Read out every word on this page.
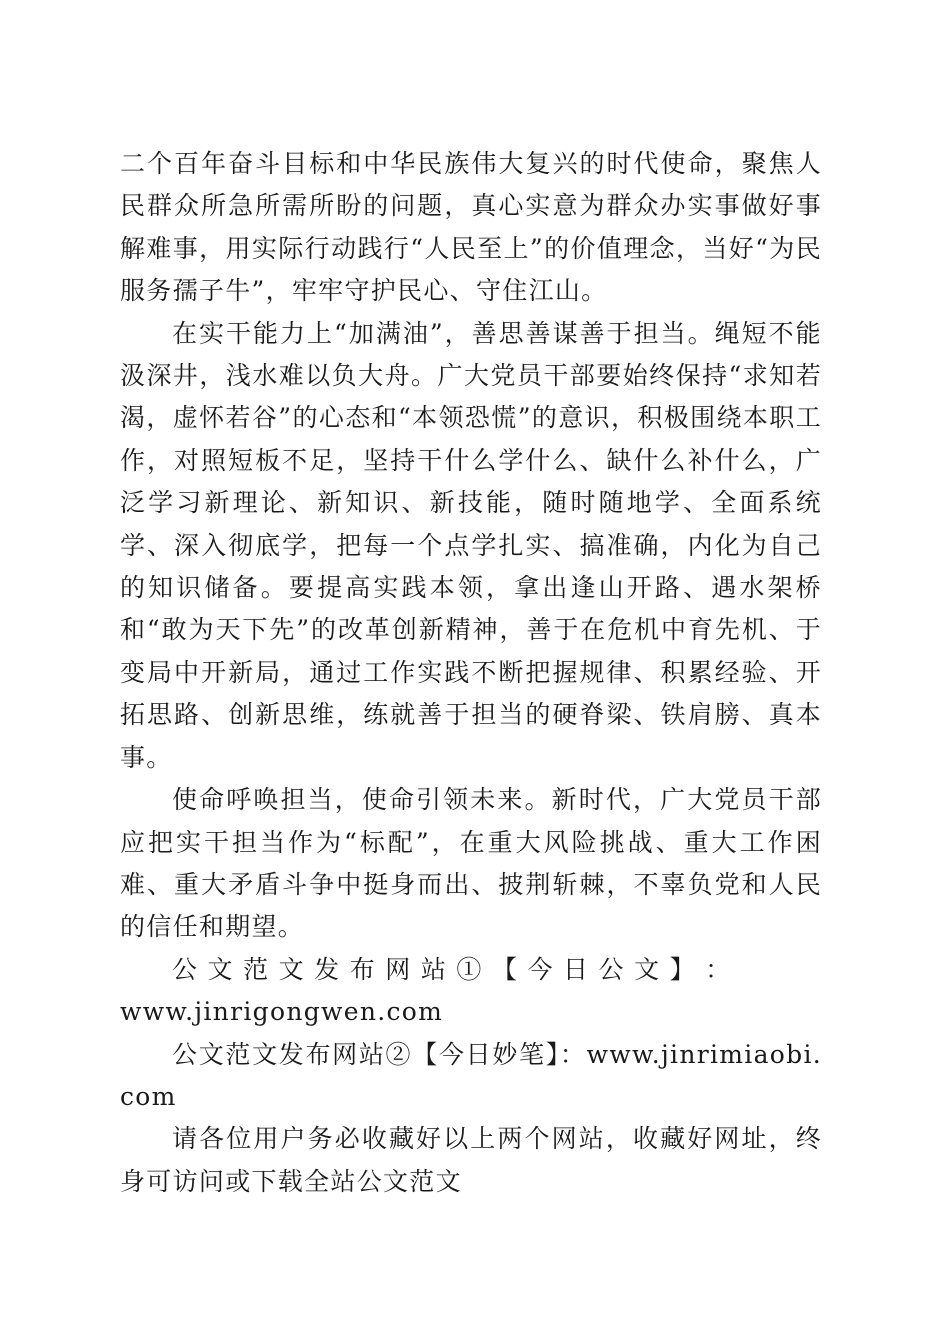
二个百年奋斗目标和中华民族伟大复兴的时代使命，聚焦人民群众所急所需所盼的问题，真心实意为群众办实事做好事解难事，用实际行动践行“人民至上”的价值理念，当好“为民服务孺子牛”，牢牢守护民心、守住江山。

在实干能力上“加满油”，善思善谋善于担当。绳短不能汲深井，浅水难以负大舟。广大党员干部要始终保持“求知若渴，虚怀若谷”的心态和“本领恐慌”的意识，积极围绕本职工作，对照短板不足，坚持干什么学什么、缺什么补什么，广泛学习新理论、新知识、新技能，随时随地学、全面系统学、深入彻底学，把每一个点学扎实、搞准确，内化为自己的知识储备。要提高实践本领，拿出逢山开路、遇水架桥和“敢为天下先”的改革创新精神，善于在危机中育先机、于变局中开新局，通过工作实践不断把握规律、积累经验、开拓思路、创新思维，练就善于担当的硬脊梁、铁肩膀、真本事。

使命呼唤担当，使命引领未来。新时代，广大党员干部应把实干担当作为“标配”，在重大风险挑战、重大工作困难、重大矛盾斗争中挺身而出、披荆斩棘，不辜负党和人民的信任和期望。

公 文 范 文 发 布 网 站 ① 【 今 日 公 文 】 ：

www.jinrigongwen.com

公文范文发布网站②【今日妙笔】：www.jinrimiaobi.com

请各位用户务必收藏好以上两个网站，收藏好网址，终身可访问或下载全站公文范文
